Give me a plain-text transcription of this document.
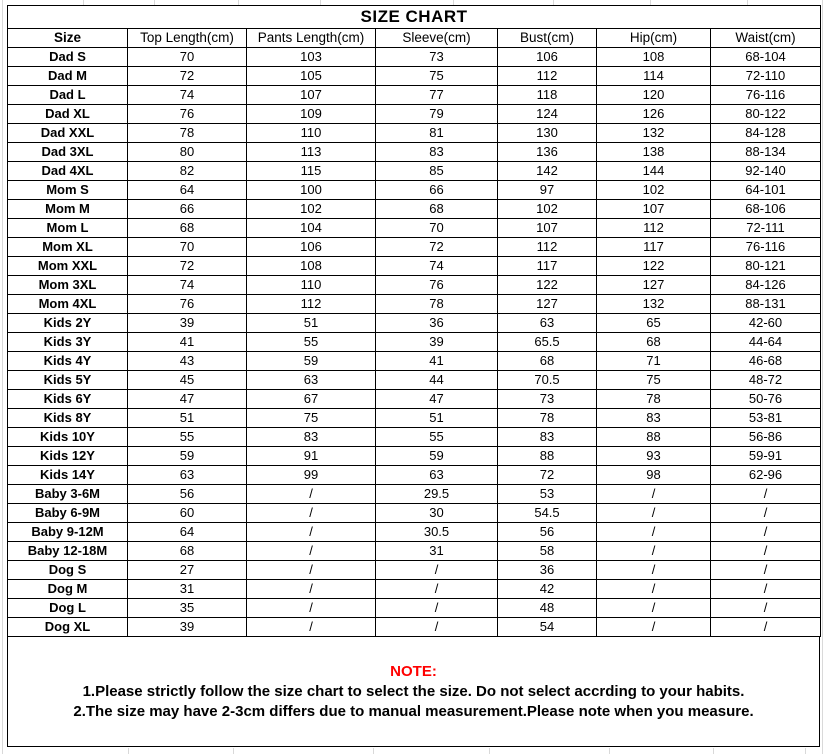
SIZE CHART						
Size	Top Length(cm)	Pants Length(cm)	Sleeve(cm)	Bust(cm)	Hip(cm)	Waist(cm)
Dad S	70	103	73	106	108	68-104
Dad M	72	105	75	112	114	72-110
Dad L	74	107	77	118	120	76-116
Dad XL	76	109	79	124	126	80-122
Dad XXL	78	110	81	130	132	84-128
Dad 3XL	80	113	83	136	138	88-134
Dad 4XL	82	115	85	142	144	92-140
Mom S	64	100	66	97	102	64-101
Mom M	66	102	68	102	107	68-106
Mom L	68	104	70	107	112	72-111
Mom XL	70	106	72	112	117	76-116
Mom XXL	72	108	74	117	122	80-121
Mom 3XL	74	110	76	122	127	84-126
Mom 4XL	76	112	78	127	132	88-131
Kids 2Y	39	51	36	63	65	42-60
Kids 3Y	41	55	39	65.5	68	44-64
Kids 4Y	43	59	41	68	71	46-68
Kids 5Y	45	63	44	70.5	75	48-72
Kids 6Y	47	67	47	73	78	50-76
Kids 8Y	51	75	51	78	83	53-81
Kids 10Y	55	83	55	83	88	56-86
Kids 12Y	59	91	59	88	93	59-91
Kids 14Y	63	99	63	72	98	62-96
Baby 3-6M	56	/	29.5	53	/	/
Baby 6-9M	60	/	30	54.5	/	/
Baby 9-12M	64	/	30.5	56	/	/
Baby 12-18M	68	/	31	58	/	/
Dog S	27	/	/	36	/	/
Dog M	31	/	/	42	/	/
Dog L	35	/	/	48	/	/
Dog XL	39	/	/	54	/	/
NOTE:
1.Please strictly follow the size chart to select the size. Do not select accrding to your habits.
2.The size may have 2-3cm differs due to manual measurement.Please note when you measure.
